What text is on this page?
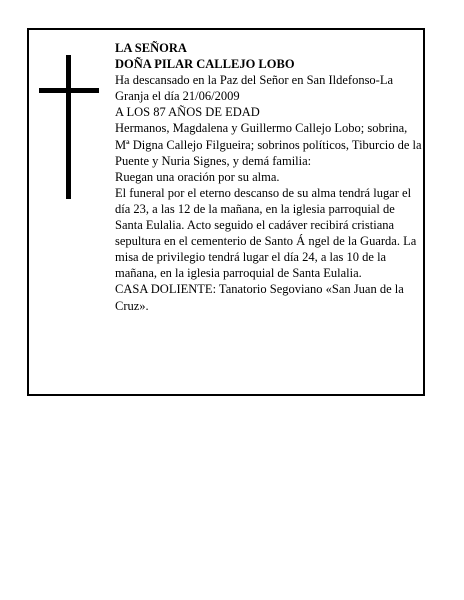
LA SEÑORA

DOÑA PILAR CALLEJO LOBO

Ha descansado en la Paz del Señor en San Ildefonso-La Granja el día 21/06/2009

A LOS 87 AÑOS DE EDAD

Hermanos, Magdalena y Guillermo Callejo Lobo; sobrina, Mª Digna Callejo Filgueira; sobrinos políticos, Tiburcio de la Puente y Nuria Signes, y demá familia:

Ruegan una oración por su alma.

El funeral por el eterno descanso de su alma tendrá lugar el día 23, a las 12 de la mañana, en la iglesia parroquial de Santa Eulalia. Acto seguido el cadáver recibirá cristiana sepultura en el cementerio de Santo Á ngel de la Guarda. La misa de privilegio tendrá lugar el día 24, a las 10 de la mañana, en la iglesia parroquial de Santa Eulalia.

CASA DOLIENTE: Tanatorio Segoviano «San Juan de la Cruz».
